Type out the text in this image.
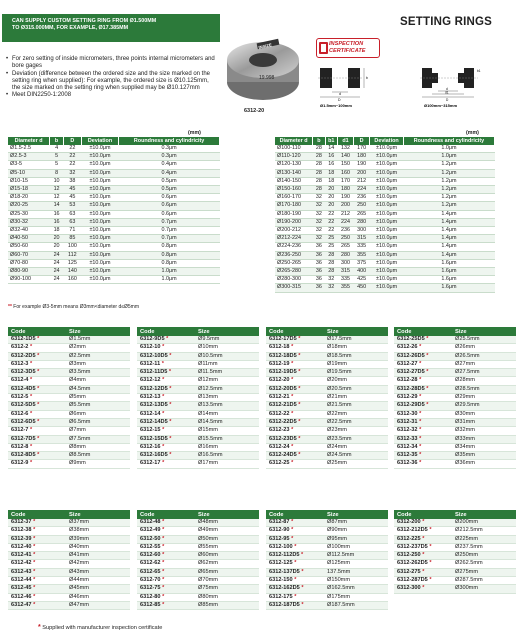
CAN SUPPLY CUSTOM SETTING RING FROM Ø1.500MM
TO Ø315.000MM, FOR EXAMPLE, Ø17.385MM	SETTING RINGS
• For zero setting of inside micrometers, three points internal micrometers and bore gages
• Deviation (difference between the ordered size and the size marked on the setting ring when supplied): For example, the ordered size is Ø10.125mm, the size marked on the setting ring when supplied may be Ø10.127mm
• Meet DIN2250-1:2008
INSIZE
19.998
6312-20
INSPECTION
CERTIFICATE
d
D
b
Ø1.5mm~100mm
b1
d
d1
D
Ø100mm~315mm
(mm)
Diameter d	b	D	Deviation	Roundness and cylindricity
Ø1.5-2.5	4	22	±10.0μm	0.3μm
Ø2.5-3	5	22	±10.0μm	0.3μm
Ø3-5	5	22	±10.0μm	0.4μm
Ø5-10	8	32	±10.0μm	0.4μm
Ø10-15	10	38	±10.0μm	0.5μm
Ø15-18	12	45	±10.0μm	0.5μm
Ø18-20	12	45	±10.0μm	0.6μm
Ø20-25	14	53	±10.0μm	0.6μm
Ø25-30	16	63	±10.0μm	0.6μm
Ø30-32	16	63	±10.0μm	0.7μm
Ø32-40	18	71	±10.0μm	0.7μm
Ø40-50	20	85	±10.0μm	0.7μm
Ø50-60	20	100	±10.0μm	0.8μm
Ø60-70	24	112	±10.0μm	0.8μm
Ø70-80	24	125	±10.0μm	0.8μm
Ø80-90	24	140	±10.0μm	1.0μm
Ø90-100	24	160	±10.0μm	1.0μm
(mm)
Diameter d	b	b1	d1	D	Deviation	Roundness and cylindricity
Ø100-110	28	14	132	170	±10.0μm	1.0μm
Ø110-120	28	16	140	180	±10.0μm	1.0μm
Ø120-130	28	16	150	190	±10.0μm	1.2μm
Ø130-140	28	18	160	200	±10.0μm	1.2μm
Ø140-150	28	18	170	212	±10.0μm	1.2μm
Ø150-160	28	20	180	224	±10.0μm	1.2μm
Ø160-170	32	20	190	236	±10.0μm	1.2μm
Ø170-180	32	20	200	250	±10.0μm	1.2μm
Ø180-190	32	22	212	265	±10.0μm	1.4μm
Ø190-200	32	22	224	280	±10.0μm	1.4μm
Ø200-212	32	22	236	300	±10.0μm	1.4μm
Ø212-224	32	25	250	315	±10.0μm	1.4μm
Ø224-236	36	25	265	335	±10.0μm	1.4μm
Ø236-250	36	28	280	355	±10.0μm	1.4μm
Ø250-265	36	28	300	375	±10.0μm	1.6μm
Ø265-280	36	28	315	400	±10.0μm	1.6μm
Ø280-300	36	32	335	425	±10.0μm	1.6μm
Ø300-315	36	32	355	450	±10.0μm	1.6μm
** For example Ø3-5mm means Ø3mm<diameter d≤Ø5mm
Code	Size
6312-1D5 *	Ø1.5mm
6312-2 *	Ø2mm
6312-2D5 *	Ø2.5mm
6312-3 *	Ø3mm
6312-3D5 *	Ø3.5mm
6312-4 *	Ø4mm
6312-4D5 *	Ø4.5mm
6312-5 *	Ø5mm
6312-5D5 *	Ø5.5mm
6312-6 *	Ø6mm
6312-6D5 *	Ø6.5mm
6312-7 *	Ø7mm
6312-7D5 *	Ø7.5mm
6312-8 *	Ø8mm
6312-8D5 *	Ø8.5mm
6312-9 *	Ø9mm
Code	Size
6312-9D5 *	Ø9.5mm
6312-10 *	Ø10mm
6312-10D5 *	Ø10.5mm
6312-11 *	Ø11mm
6312-11D5 *	Ø11.5mm
6312-12 *	Ø12mm
6312-12D5 *	Ø12.5mm
6312-13 *	Ø13mm
6312-13D5 *	Ø13.5mm
6312-14 *	Ø14mm
6312-14D5 *	Ø14.5mm
6312-15 *	Ø15mm
6312-15D5 *	Ø15.5mm
6312-16 *	Ø16mm
6312-16D5 *	Ø16.5mm
6312-17 *	Ø17mm
Code	Size
6312-17D5 *	Ø17.5mm
6312-18 *	Ø18mm
6312-18D5 *	Ø18.5mm
6312-19 *	Ø19mm
6312-19D5 *	Ø19.5mm
6312-20 *	Ø20mm
6312-20D5 *	Ø20.5mm
6312-21 *	Ø21mm
6312-21D5 *	Ø21.5mm
6312-22 *	Ø22mm
6312-22D5 *	Ø22.5mm
6312-23 *	Ø23mm
6312-23D5 *	Ø23.5mm
6312-24 *	Ø24mm
6312-24D5 *	Ø24.5mm
6312-25 *	Ø25mm
Code	Size
6312-25D5 *	Ø25.5mm
6312-26 *	Ø26mm
6312-26D5 *	Ø26.5mm
6312-27 *	Ø27mm
6312-27D5 *	Ø27.5mm
6312-28 *	Ø28mm
6312-28D5 *	Ø28.5mm
6312-29 *	Ø29mm
6312-29D5 *	Ø29.5mm
6312-30 *	Ø30mm
6312-31 *	Ø31mm
6312-32 *	Ø32mm
6312-33 *	Ø33mm
6312-34 *	Ø34mm
6312-35 *	Ø35mm
6312-36 *	Ø36mm
Code	Size
6312-37 *	Ø37mm
6312-38 *	Ø38mm
6312-39 *	Ø39mm
6312-40 *	Ø40mm
6312-41 *	Ø41mm
6312-42 *	Ø42mm
6312-43 *	Ø43mm
6312-44 *	Ø44mm
6312-45 *	Ø45mm
6312-46 *	Ø46mm
6312-47 *	Ø47mm
Code	Size
6312-48 *	Ø48mm
6312-49 *	Ø49mm
6312-50 *	Ø50mm
6312-55 *	Ø55mm
6312-60 *	Ø60mm
6312-62 *	Ø62mm
6312-65 *	Ø65mm
6312-70 *	Ø70mm
6312-75 *	Ø75mm
6312-80 *	Ø80mm
6312-85 *	Ø85mm
Code	Size
6312-87 *	Ø87mm
6312-90 *	Ø90mm
6312-95 *	Ø95mm
6312-100 *	Ø100mm
6312-112D5 *	Ø112.5mm
6312-125 *	Ø125mm
6312-137D5 *	137.5mm
6312-150 *	Ø150mm
6312-162D5 *	Ø162.5mm
6312-175 *	Ø175mm
6312-187D5 *	Ø187.5mm
Code	Size
6312-200 *	Ø200mm
6312-212D5 *	Ø212.5mm
6312-225 *	Ø225mm
6312-237D5 *	Ø237.5mm
6312-250 *	Ø250mm
6312-262D5 *	Ø262.5mm
6312-275 *	Ø275mm
6312-287D5 *	Ø287.5mm
6312-300 *	Ø300mm
* Supplied with manufacturer inspection certificate
